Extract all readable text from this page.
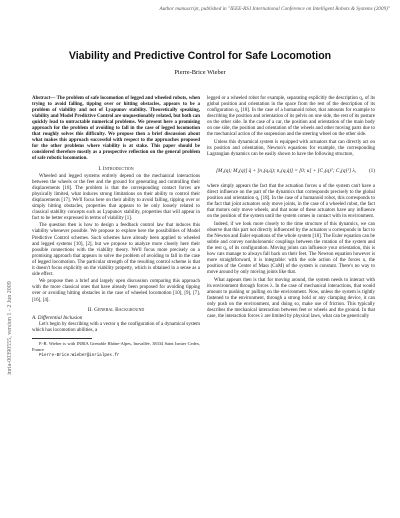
Author manuscript, published in "IEEE-RSJ International Conference on Intelligent Robots & Systems (2009)"
inria-00390555, version 1 - 2 Jun 2009
Viability and Predictive Control for Safe Locomotion
Pierre-Brice Wieber

Abstract— The problem of safe locomotion of legged and wheeled robots, when trying to avoid falling, tipping over or hitting obstacles, appears to be a problem of viability and not of Lyapunov stability. Theoretically speaking, viability and Model Predictive Control are unquestionably related, but both can quickly lead to untractable numerical problems. We present here a promising approach for the problem of avoiding to fall in the case of legged locomotion that roughly solves this difficulty. We propose then a brief discussion about what makes this approach successful with respect to the approaches proposed for the other problems where viability is at stake. This paper should be considered therefore mostly as a prospective reflection on the general problem of safe robotic locomotion.

I. Introduction

Wheeled and legged systems entirely depend on the mechanical interactions between the wheels or the feet and the ground for generating and controlling their displacements [18]. The problem is that the corresponding contact forces are physically limited, what induces strong limitations on their ability to control their displacements [17]. We'll focus here on their ability to avoid falling, tipping over or simply hitting obstacles, properties that appears to be only loosely related to classical stability concepts such as Lyapunov stability, properties that will appear in fact to be better expressed in terms of viability [1].

The question then is how to design a feedback control law that induces this viability whenever possible. We propose to explore here the possibilities of Model Predictive Control schemes. Such schemes have already been applied to wheeled and legged systems [10], [2], but we propose to analyze more closely here their possible connections with the viability theory. We'll focus more precisely on a promising approach that appears to solve the problem of avoiding to fall in the case of legged locomotion. The particular strength of the resulting control scheme is that it doesn't focus explicitly on the viability property, which is obtained in a sense as a side effect.

We propose then a brief and largely open discussion comparing this approach with the more classical ones that have already been proposed for avoiding tipping over or avoiding hitting obstacles in the case of wheeled locomotion [10], [9], [7], [16], [4].

II. General Background
A. Differential Inclusion

Let's begin by describing with a vector q the configuration of a dynamical system which has locomotion abilities, a

P.-B. Wieber is with INRIA Grenoble Rhône-Alpes, Inovallée, 38334 Saint Ismier Cedex, France

Pierre-Brice.Wieber@inrialpes.fr

legged or a wheeled robot for example, separating explicitly the description q₁ of its global position and orientation in the space from the rest of the description of its configuration q₂ [18]. In the case of a humanoid robot, that amounts for example to describing the position and orientation of its pelvis on one side, the rest of its posture on the other side. In the case of a car, the position and orientation of the main body on one side, the position and orientation of the wheels and other moving parts due to the mechanical action of the suspension and the steering wheel on the other side.

Unless this dynamical system is equipped with actuators that can directly act on its position and orientation, Newton's equations for example, the corresponding Lagrangian dynamics can be easily shown to have the following structure,

[M₁(q); M₂(q)] q̈ + [n₁(q,q̇); n₂(q,q̇)] = [0; u] + [C₁(q)ᵀ; C₂(q)ᵀ] λ,	(1)

where simply appears the fact that the actuation forces u of the system can't have a direct influence on the part of the dynamics that corresponds precisely to the global position and orientation q₁ [18]. In the case of a humanoid robot, this corresponds to the fact that joint actuators only move joints, in the case of a wheeled robot, the fact that motors only move wheels, and that none of these actuators have any influence on the position of the system until the system comes in contact with its environment.

Indeed, if we look more closely to the time structure of this dynamics, we can observe that this part not directly influenced by the actuators u corresponds in fact to the Newton and Euler equations of the whole system [18]. The Euler equation can be subtle and convey nonholonomic couplings between the rotation of the system and the rest q₂ of its configuration. Moving joints can influence your orientation, this is how cats manage to always fall back on their feet. The Newton equation however is more straightforward, it is integrable: with the sole action of the forces u, the position of the Center of Mass (CoM) of the system is constant. There's no way to move around by only moving joints like that.

What appears then is that for moving around, the system needs to interact with its environment through forces λ. In the case of mechanical interactions, that would amount to pushing or pulling on the environment. Now, unless the system is tightly fastened to the environment, through a strong hold or any clamping device, it can only push on the environment, and doing so, make use of friction. This typically describes the mechanical interaction between feet or wheels and the ground. In that case, the interaction forces λ are limited by physical laws, what can be generically
